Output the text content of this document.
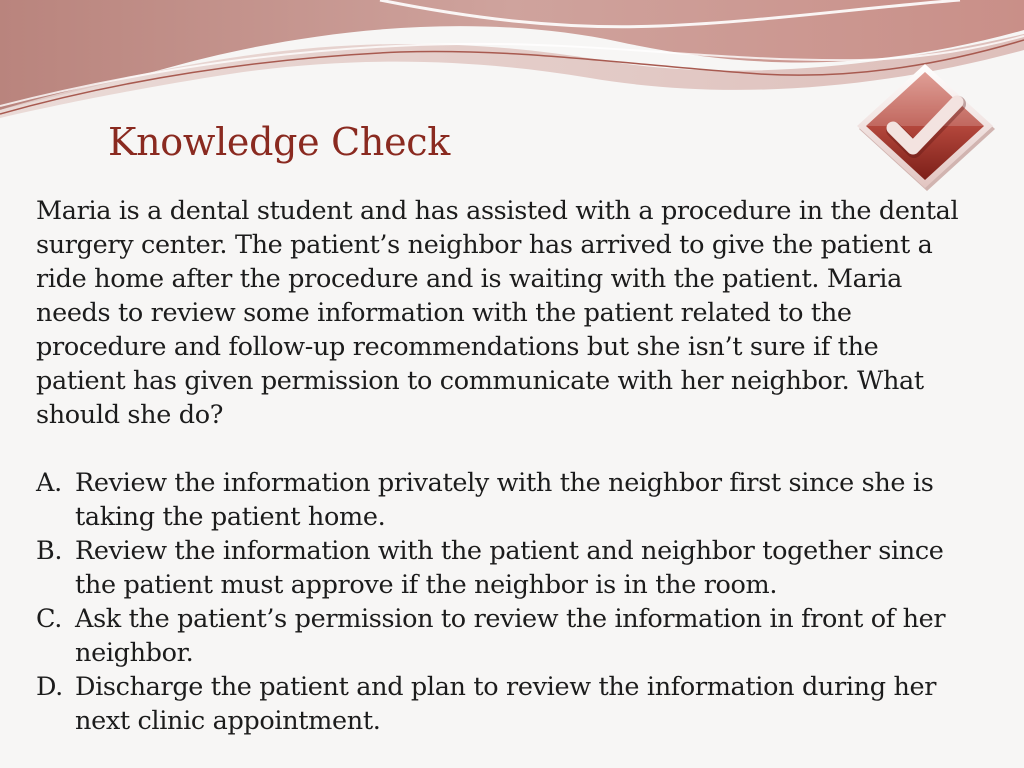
Knowledge Check

Maria is a dental student and has assisted with a procedure in the dental surgery center. The patient’s neighbor has arrived to give the patient a ride home after the procedure and is waiting with the patient. Maria needs to review some information with the patient related to the procedure and follow-up recommendations but she isn’t sure if the patient has given permission to communicate with her neighbor. What should she do?

A. Review the information privately with the neighbor first since she is taking the patient home.
B. Review the information with the patient and neighbor together since the patient must approve if the neighbor is in the room.
C. Ask the patient’s permission to review the information in front of her neighbor.
D. Discharge the patient and plan to review the information during her next clinic appointment.
